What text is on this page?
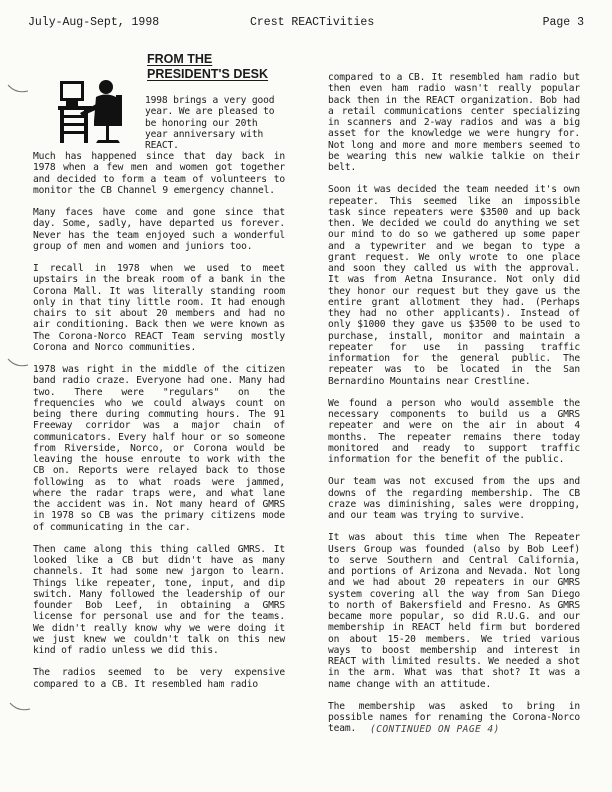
July-Aug-Sept, 1998	Crest REACTivities	Page 3
FROM THE
PRESIDENT'S DESK
1998 brings a very good year. We are pleased to be honoring our 20th year anniversary with REACT.

Much has happened since that day back in 1978 when a few men and women got together and decided to form a team of volunteers to monitor the CB Channel 9 emergency channel.

Many faces have come and gone since that day. Some, sadly, have departed us forever. Never has the team enjoyed such a wonderful group of men and women and juniors too.

I recall in 1978 when we used to meet upstairs in the break room of a bank in the Corona Mall. It was literally standing room only in that tiny little room. It had enough chairs to sit about 20 members and had no air conditioning. Back then we were known as The Corona-Norco REACT Team serving mostly Corona and Norco communities.

1978 was right in the middle of the citizen band radio craze. Everyone had one. Many had two. There were "regulars" on the frequencies who we could always count on being there during commuting hours. The 91 Freeway corridor was a major chain of communicators. Every half hour or so someone from Riverside, Norco, or Corona would be leaving the house enroute to work with the CB on. Reports were relayed back to those following as to what roads were jammed, where the radar traps were, and what lane the accident was in. Not many heard of GMRS in 1978 so CB was the primary citizens mode of communicating in the car.

Then came along this thing called GMRS. It looked like a CB but didn't have as many channels. It had some new jargon to learn. Things like repeater, tone, input, and dip switch. Many followed the leadership of our founder Bob Leef, in obtaining a GMRS license for personal use and for the teams. We didn't really know why we were doing it we just knew we couldn't talk on this new kind of radio unless we did this.

The radios seemed to be very expensive compared to a CB. It resembled ham radio

compared to a CB. It resembled ham radio but then even ham radio wasn't really popular back then in the REACT organization. Bob had a retail communications center specializing in scanners and 2-way radios and was a big asset for the knowledge we were hungry for. Not long and more and more members seemed to be wearing this new walkie talkie on their belt.

Soon it was decided the team needed it's own repeater. This seemed like an impossible task since repeaters were $3500 and up back then. We decided we could do anything we set our mind to do so we gathered up some paper and a typewriter and we began to type a grant request. We only wrote to one place and soon they called us with the approval. It was from Aetna Insurance. Not only did they honor our request but they gave us the entire grant allotment they had. (Perhaps they had no other applicants). Instead of only $1000 they gave us $3500 to be used to purchase, install, monitor and maintain a repeater for use in passing traffic information for the general public. The repeater was to be located in the San Bernardino Mountains near Crestline.

We found a person who would assemble the necessary components to build us a GMRS repeater and were on the air in about 4 months. The repeater remains there today monitored and ready to support traffic information for the benefit of the public.

Our team was not excused from the ups and downs of the regarding membership. The CB craze was diminishing, sales were dropping, and our team was trying to survive.

It was about this time when The Repeater Users Group was founded (also by Bob Leef) to serve Southern and Central California, and portions of Arizona and Nevada. Not long and we had about 20 repeaters in our GMRS system covering all the way from San Diego to north of Bakersfield and Fresno. As GMRS became more popular, so did R.U.G. and our membership in REACT held firm but bordered on about 15-20 members. We tried various ways to boost membership and interest in REACT with limited results. We needed a shot in the arm. What was that shot? It was a name change with an attitude.

The membership was asked to bring in possible names for renaming the Corona-Norco team.	(CONTINUED ON PAGE 4)
